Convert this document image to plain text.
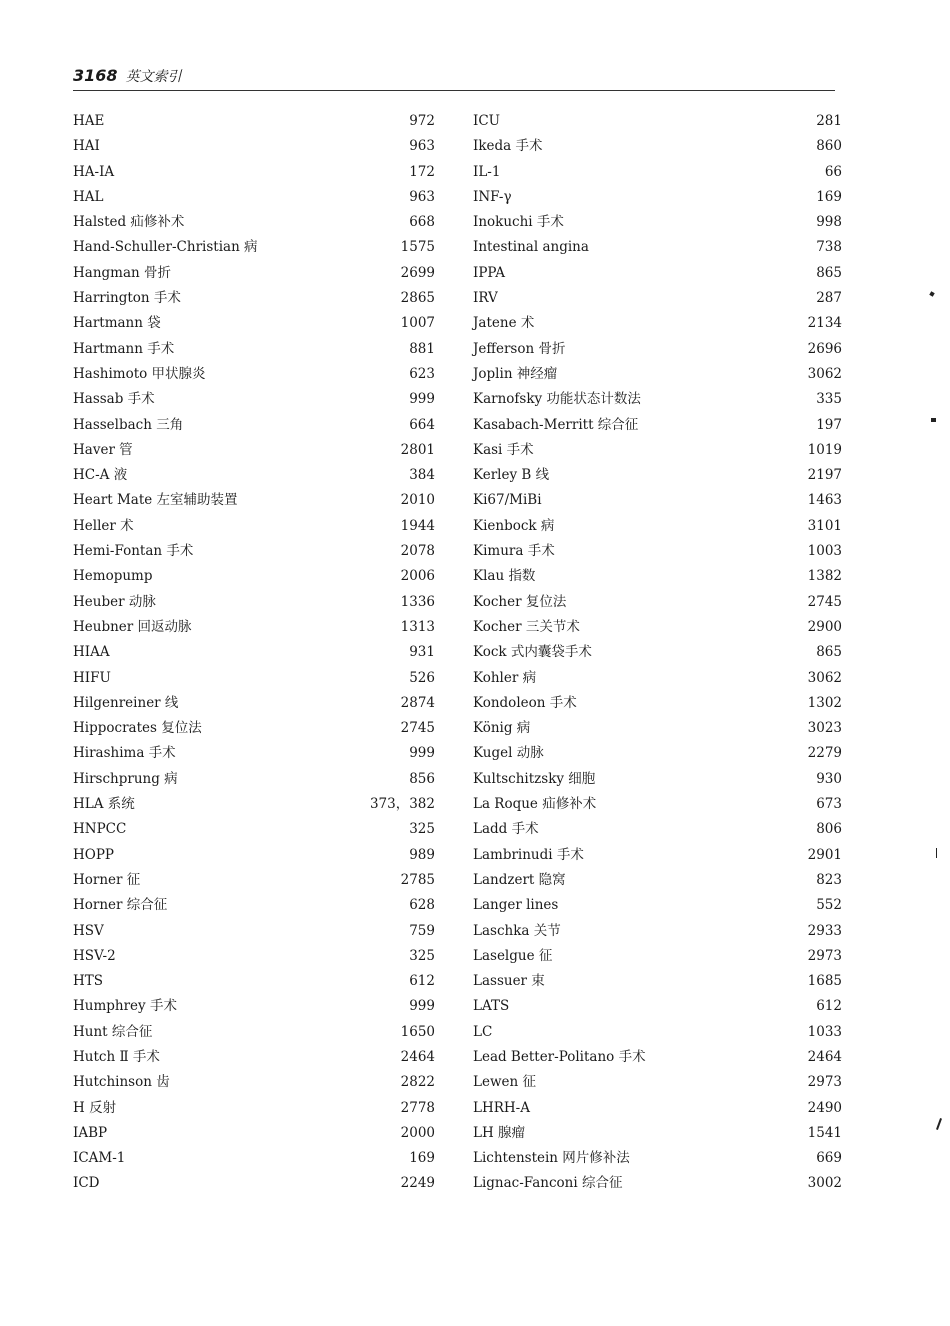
3168 英文索引
HAE	972
HAI	963
HA-IA	172
HAL	963
Halsted 疝修补术	668
Hand-Schuller-Christian 病	1575
Hangman 骨折	2699
Harrington 手术	2865
Hartmann 袋	1007
Hartmann 手术	881
Hashimoto 甲状腺炎	623
Hassab 手术	999
Hasselbach 三角	664
Haver 管	2801
HC-A 液	384
Heart Mate 左室辅助装置	2010
Heller 术	1944
Hemi-Fontan 手术	2078
Hemopump	2006
Heuber 动脉	1336
Heubner 回返动脉	1313
HIAA	931
HIFU	526
Hilgenreiner 线	2874
Hippocrates 复位法	2745
Hirashima 手术	999
Hirschprung 病	856
HLA 系统	373，382
HNPCC	325
HOPP	989
Horner 征	2785
Horner 综合征	628
HSV	759
HSV-2	325
HTS	612
Humphrey 手术	999
Hunt 综合征	1650
Hutch Ⅱ 手术	2464
Hutchinson 齿	2822
H 反射	2778
IABP	2000
ICAM-1	169
ICD	2249
ICU	281
Ikeda 手术	860
IL-1	66
INF-γ	169
Inokuchi 手术	998
Intestinal angina	738
IPPA	865
IRV	287
Jatene 术	2134
Jefferson 骨折	2696
Joplin 神经瘤	3062
Karnofsky 功能状态计数法	335
Kasabach-Merritt 综合征	197
Kasi 手术	1019
Kerley B 线	2197
Ki67/MiBi	1463
Kienbock 病	3101
Kimura 手术	1003
Klau 指数	1382
Kocher 复位法	2745
Kocher 三关节术	2900
Kock 式内囊袋手术	865
Kohler 病	3062
Kondoleon 手术	1302
König 病	3023
Kugel 动脉	2279
Kultschitzsky 细胞	930
La Roque 疝修补术	673
Ladd 手术	806
Lambrinudi 手术	2901
Landzert 隐窝	823
Langer lines	552
Laschka 关节	2933
Laselgue 征	2973
Lassuer 束	1685
LATS	612
LC	1033
Lead Better-Politano 手术	2464
Lewen 征	2973
LHRH-A	2490
LH 腺瘤	1541
Lichtenstein 网片修补法	669
Lignac-Fanconi 综合征	3002
